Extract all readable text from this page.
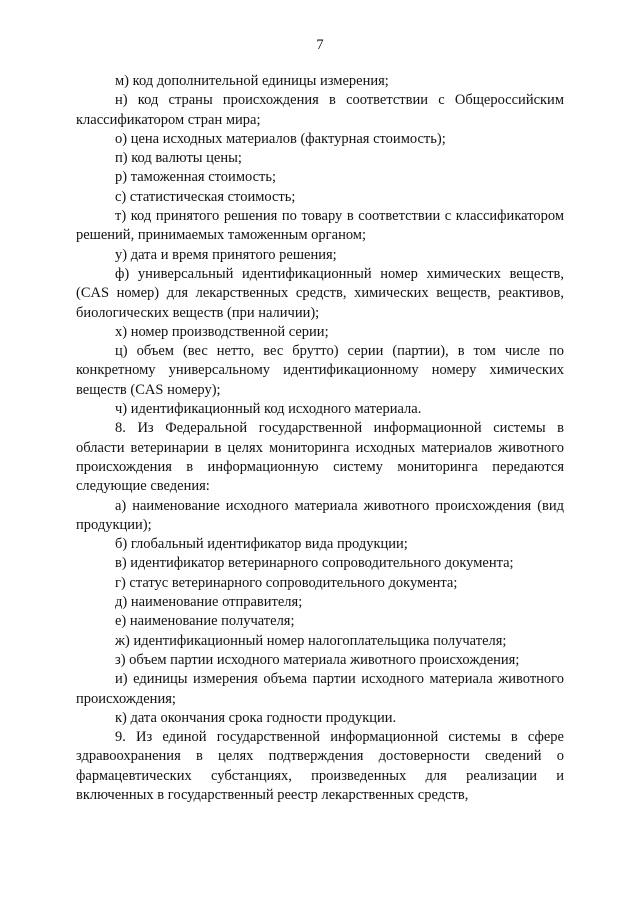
7

м) код дополнительной единицы измерения;

н) код страны происхождения в соответствии с Общероссийским классификатором стран мира;

о) цена исходных материалов (фактурная стоимость);

п) код валюты цены;

р) таможенная стоимость;

с) статистическая стоимость;

т) код принятого решения по товару в соответствии с классификатором решений, принимаемых таможенным органом;

у) дата и время принятого решения;

ф) универсальный идентификационный номер химических веществ, (CAS номер) для лекарственных средств, химических веществ, реактивов, биологических веществ (при наличии);

х) номер производственной серии;

ц) объем (вес нетто, вес брутто) серии (партии), в том числе по конкретному универсальному идентификационному номеру химических веществ (CAS номеру);

ч) идентификационный код исходного материала.

8. Из Федеральной государственной информационной системы в области ветеринарии в целях мониторинга исходных материалов животного происхождения в информационную систему мониторинга передаются следующие сведения:

а) наименование исходного материала животного происхождения (вид продукции);

б) глобальный идентификатор вида продукции;

в) идентификатор ветеринарного сопроводительного документа;

г) статус ветеринарного сопроводительного документа;

д) наименование отправителя;

е) наименование получателя;

ж) идентификационный номер налогоплательщика получателя;

з) объем партии исходного материала животного происхождения;

и) единицы измерения объема партии исходного материала животного происхождения;

к) дата окончания срока годности продукции.

9. Из единой государственной информационной системы в сфере здравоохранения в целях подтверждения достоверности сведений о фармацевтических субстанциях, произведенных для реализации и включенных в государственный реестр лекарственных средств,
